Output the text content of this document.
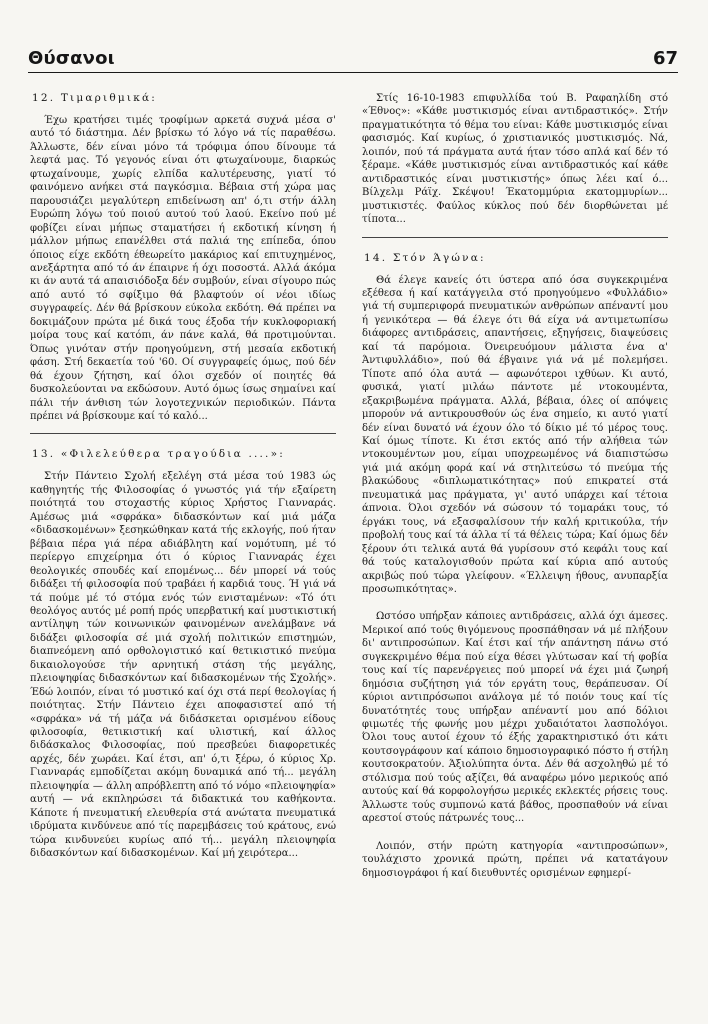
Θύσανοι	67
12. Τιμαριθμικά:

Έχω κρατήσει τιμές τροφίμων αρκετά συχνά μέσα σ' αυτό τό διάστημα. Δέν βρίσκω τό λόγο νά τίς παραθέσω. Άλλωστε, δέν είναι μόνο τά τρόφιμα όπου δίνουμε τά λεφτά μας. Τό γεγονός είναι ότι φτωχαίνουμε, διαρκώς φτωχαίνουμε, χωρίς ελπίδα καλυτέρευσης, γιατί τό φαινόμενο ανήκει στά παγκόσμια. Βέβαια στή χώρα μας παρουσιάζει μεγαλύτερη επιδείνωση απ' ό,τι στήν άλλη Ευρώπη λόγω τού ποιού αυτού τού λαού. Εκείνο πού μέ φοβίζει είναι μήπως σταματήσει ή εκδοτική κίνηση ή μάλλον μήπως επανέλθει στά παλιά της επίπεδα, όπου όποιος είχε εκδότη έθεωρείτο μακάριος καί επιτυχημένος, ανεξάρτητα από τό άν έπαιρνε ή όχι ποσοστά. Αλλά άκόμα κι άν αυτά τά απαισιόδοξα δέν συμβούν, είναι σίγουρο πώς από αυτό τό σφίξιμο θά βλαφτούν οί νέοι ιδίως συγγραφείς. Δέν θά βρίσκουν εύκολα εκδότη. Θά πρέπει να δοκιμάζουν πρώτα μέ δικά τους έξοδα τήν κυκλοφοριακή μοίρα τους καί κατόπι, άν πάνε καλά, θά προτιμούνται. Όπως γινόταν στήν προηγούμενη, στή μεσαία εκδοτική φάση. Στή δεκαετία τού '60. Οί συγγραφείς όμως, πού δέν θά έχουν ζήτηση, καί όλοι σχεδόν οί ποιητές θά δυσκολεύονται να εκδώσουν. Αυτό όμως ίσως σημαίνει καί πάλι τήν άνθιση τών λογοτεχνικών περιοδικών. Πάντα πρέπει νά βρίσκουμε καί τό καλό...

13. «Φιλελεύθερα τραγούδια ....»:

Στήν Πάντειο Σχολή εξελέγη στά μέσα τού 1983 ώς καθηγητής τής Φιλοσοφίας ό γνωστός γιά τήν εξαίρετη ποιότητά του στοχαστής κύριος Χρήστος Γιανναράς. Αμέσως μιά «σφράκα» διδασκόντων καί μιά μάζα «διδασκομένων» ξεσηκώθηκαν κατά τής εκλογής, πού ήταν βέβαια πέρα γιά πέρα αδιάβλητη καί νομότυπη, μέ τό περίεργο επιχείρημα ότι ό κύριος Γιανναράς έχει θεολογικές σπουδές καί επομένως... δέν μπορεί νά τούς διδάξει τή φιλοσοφία πού τραβάει ή καρδιά τους. Ή γιά νά τά πούμε μέ τό στόμα ενός τών ενισταμένων: «Τό ότι θεολόγος αυτός μέ ροπή πρός υπερβατική καί μυστικιστική αντίληψη τών κοινωνικών φαινομένων ανελάμβανε νά διδάξει φιλοσοφία σέ μιά σχολή πολιτικών επιστημών, διαπνεόμενη από ορθολογιστικό καί θετικιστικό πνεύμα δικαιολογούσε τήν αρνητική στάση τής μεγάλης, πλειοψηφίας διδασκόντων καί διδασκομένων τής Σχολής». Έδώ λοιπόν, είναι τό μυστικό καί όχι στά περί θεολογίας ή ποιότητας. Στήν Πάντειο έχει αποφασιστεί από τή «σφράκα» νά τή μάζα νά διδάσκεται ορισμένου είδους φιλοσοφία, θετικιστική καί υλιστική, καί άλλος διδάσκαλος Φιλοσοφίας, πού πρεσβεύει διαφορετικές αρχές, δέν χωράει. Καί έτσι, απ' ό,τι ξέρω, ό κύριος Χρ. Γιανναράς εμποδίζεται ακόμη δυναμικά από τή... μεγάλη πλειοψηφία — άλλη απρόβλεπτη από τό νόμο «πλειοψηφία» αυτή — νά εκπληρώσει τά διδακτικά του καθήκοντα. Κάποτε ή πνευματική ελευθερία στά ανώτατα πνευματικά ιδρύματα κινδύνευε από τίς παρεμβάσεις τού κράτους, ενώ τώρα κινδυνεύει κυρίως από τή... μεγάλη πλειοψηφία διδασκόντων καί διδασκομένων. Καί μή χειρότερα...

Στίς 16-10-1983 επιφυλλίδα τού Β. Ραφαηλίδη στό «Έθνος»: «Κάθε μυστικισμός είναι αντιδραστικός». Στήν πραγματικότητα τό θέμα του είναι: Κάθε μυστικισμός είναι φασισμός. Καί κυρίως, ό χριστιανικός μυστικισμός. Νά, λοιπόν, πού τά πράγματα αυτά ήταν τόσο απλά καί δέν τό ξέραμε. «Κάθε μυστικισμός είναι αντιδραστικός καί κάθε αντιδραστικός είναι μυστικιστής» όπως λέει καί ό... Βίλχελμ Ράϊχ. Σκέψου! Έκατομμύρια εκατομμυρίων... μυστικιστές. Φαύλος κύκλος πού δέν διορθώνεται μέ τίποτα...

14. Στόν Άγώνα:

Θά έλεγε κανείς ότι ύστερα από όσα συγκεκριμένα εξέθεσα ή καί κατάγγειλα στό προηγούμενο «Φυλλάδιο» γιά τή συμπεριφορά πνευματικών ανθρώπων απέναντί μου ή γενικότερα — θά έλεγε ότι θά είχα νά αντιμετωπίσω διάφορες αντιδράσεις, απαντήσεις, εξηγήσεις, διαψεύσεις καί τά παρόμοια. Όνειρευόμουν μάλιστα ένα α' Άντιφυλλάδιο», πού θά έβγαινε γιά νά μέ πολεμήσει. Τίποτε από όλα αυτά — αφωνότεροι ιχθύων. Κι αυτό, φυσικά, γιατί μιλάω πάντοτε μέ ντοκουμέντα, εξακριβωμένα πράγματα. Αλλά, βέβαια, όλες οί απόψεις μπορούν νά αντικρουσθούν ώς ένα σημείο, κι αυτό γιατί δέν είναι δυνατό νά έχουν όλο τό δίκιο μέ τό μέρος τους. Καί όμως τίποτε. Κι έτσι εκτός από τήν αλήθεια τών ντοκουμέντων μου, είμαι υποχρεωμένος νά διαπιστώσω γιά μιά ακόμη φορά καί νά στηλιτεύσω τό πνεύμα τής βλακώδους «διπλωματικότητας» πού επικρατεί στά πνευματικά μας πράγματα, γι' αυτό υπάρχει καί τέτοια άπνοια. Όλοι σχεδόν νά σώσουν τό τομαράκι τους, τό έργάκι τους, νά εξασφαλίσουν τήν καλή κριτικούλα, τήν προβολή τους καί τά άλλα τί τά θέλεις τώρα; Καί όμως δέν ξέρουν ότι τελικά αυτά θά γυρίσουν στό κεφάλι τους καί θά τούς καταλογισθούν πρώτα καί κύρια από αυτούς ακριβώς πού τώρα γλείφουν. «Έλλειψη ήθους, ανυπαρξία προσωπικότητας».

Ωστόσο υπήρξαν κάποιες αντιδράσεις, αλλά όχι άμεσες. Μερικοί από τούς θιγόμενους προσπάθησαν νά μέ πλήξουν δι' αντιπροσώπων. Καί έτσι καί τήν απάντηση πάνω στό συγκεκριμένο θέμα πού είχα θέσει γλύτωσαν καί τή φοβία τους καί τίς παρενέργειες πού μπορεί νά έχει μιά ζωηρή δημόσια συζήτηση γιά τόν εργάτη τους, θεράπευσαν. Οί κύριοι αντιπρόσωποι ανάλογα μέ τό ποιόν τους καί τίς δυνατότητές τους υπήρξαν απέναντί μου από δόλιοι φιμωτές τής φωνής μου μέχρι χυδαιότατοι λασπολόγοι. Όλοι τους αυτοί έχουν τό έξής χαρακτηριστικό ότι κάτι κουτσογράφουν καί κάποιο δημοσιογραφικό πόστο ή στήλη κουτσοκρατούν. Άξιολύπητα όντα. Δέν θά ασχοληθώ μέ τό στόλισμα πού τούς αξίζει, θά αναφέρω μόνο μερικούς από αυτούς καί θά κορφολογήσω μερικές εκλεκτές ρήσεις τους. Άλλωστε τούς συμπονώ κατά βάθος, προσπαθούν νά είναι αρεστοί στούς πάτρωνές τους...

Λοιπόν, στήν πρώτη κατηγορία «αντιπροσώπων», τουλάχιστο χρονικά πρώτη, πρέπει νά κατατάγουν δημοσιογράφοι ή καί διευθυντές ορισμένων εφημερί-
